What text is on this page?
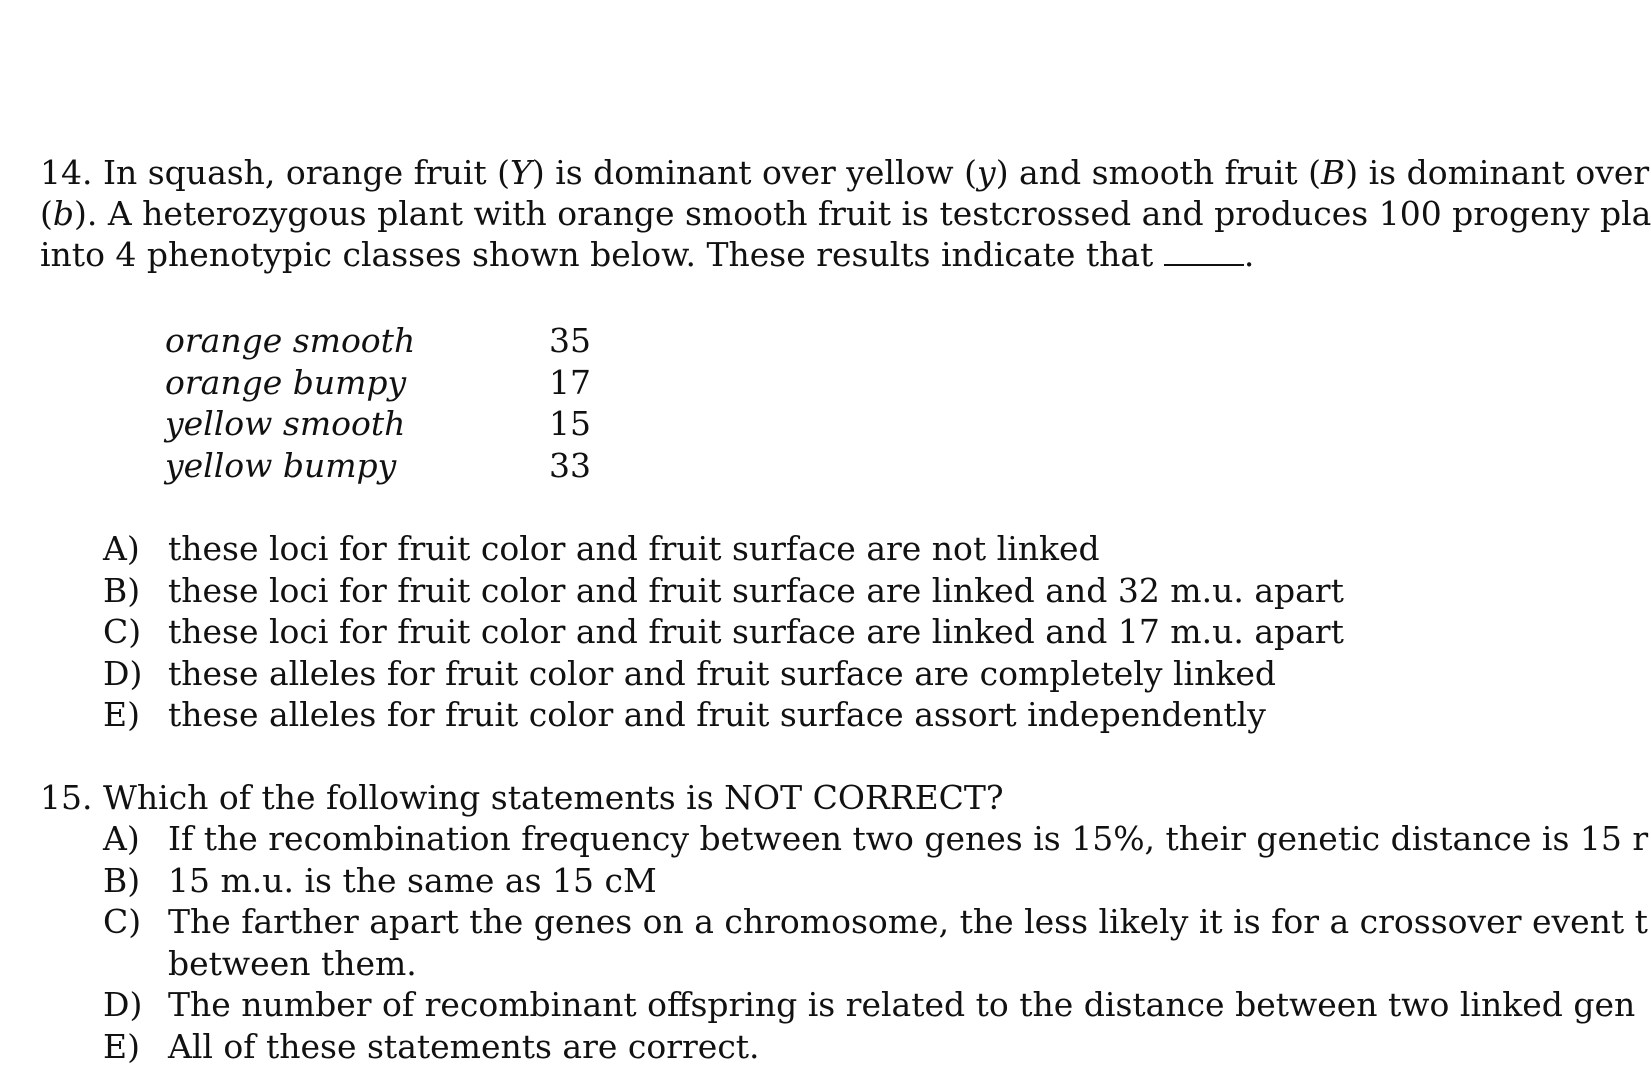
14. In squash, orange fruit (Y) is dominant over yellow (y) and smooth fruit (B) is dominant over
(b). A heterozygous plant with orange smooth fruit is testcrossed and produces 100 progeny pla
into 4 phenotypic classes shown below. These results indicate that	.
orange smooth	35
orange bumpy	17
yellow smooth	15
yellow bumpy	33
A) these loci for fruit color and fruit surface are not linked
B) these loci for fruit color and fruit surface are linked and 32 m.u. apart
C) these loci for fruit color and fruit surface are linked and 17 m.u. apart
D) these alleles for fruit color and fruit surface are completely linked
E) these alleles for fruit color and fruit surface assort independently
15. Which of the following statements is NOT CORRECT?
A) If the recombination frequency between two genes is 15%, their genetic distance is 15 r
B) 15 m.u. is the same as 15 cM
C) The farther apart the genes on a chromosome, the less likely it is for a crossover event t
between them.
D) The number of recombinant offspring is related to the distance between two linked gen
E) All of these statements are correct.
